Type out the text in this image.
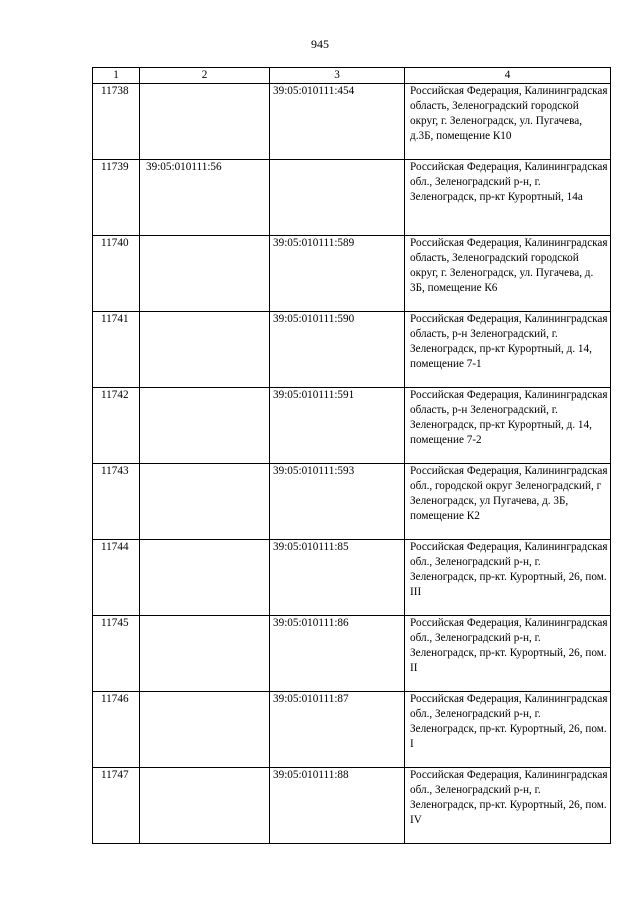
945
1	2	3	4
11738		39:05:010111:454	Российская Федерация, Калининградская область, Зеленоградский городской округ, г. Зеленоградск, ул. Пугачева, д.3Б, помещение К10
11739	39:05:010111:56		Российская Федерация, Калининградская обл., Зеленоградский р-н, г. Зеленоградск, пр-кт Курортный, 14а
11740		39:05:010111:589	Российская Федерация, Калининградская область, Зеленоградский городской округ, г. Зеленоградск, ул. Пугачева, д. 3Б, помещение К6
11741		39:05:010111:590	Российская Федерация, Калининградская область, р-н Зеленоградский, г. Зеленоградск, пр-кт Курортный, д. 14, помещение 7-1
11742		39:05:010111:591	Российская Федерация, Калининградская область, р-н Зеленоградский, г. Зеленоградск, пр-кт Курортный, д. 14, помещение 7-2
11743		39:05:010111:593	Российская Федерация, Калининградская обл., городской округ Зеленоградский, г Зеленоградск, ул Пугачева, д. 3Б, помещение К2
11744		39:05:010111:85	Российская Федерация, Калининградская обл., Зеленоградский р-н, г. Зеленоградск, пр-кт. Курортный, 26, пом. III
11745		39:05:010111:86	Российская Федерация, Калининградская обл., Зеленоградский р-н, г. Зеленоградск, пр-кт. Курортный, 26, пом. II
11746		39:05:010111:87	Российская Федерация, Калининградская обл., Зеленоградский р-н, г. Зеленоградск, пр-кт. Курортный, 26, пом. I
11747		39:05:010111:88	Российская Федерация, Калининградская обл., Зеленоградский р-н, г. Зеленоградск, пр-кт. Курортный, 26, пом. IV
